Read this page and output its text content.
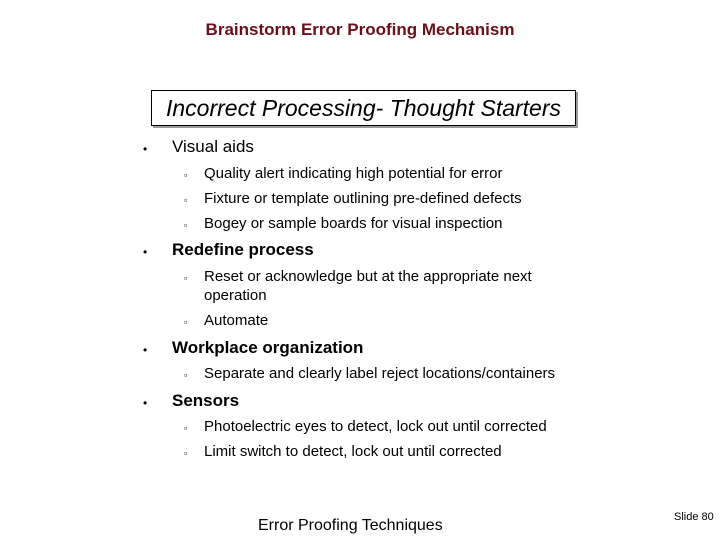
Brainstorm Error Proofing Mechanism
Incorrect Processing- Thought Starters
• Visual aids
▫ Quality alert indicating high potential for error
▫ Fixture or template outlining pre-defined defects
▫ Bogey or sample boards for visual inspection
• Redefine process
▫ Reset or acknowledge but at the appropriate next operation
▫ Automate
• Workplace organization
▫ Separate and clearly label reject locations/containers
• Sensors
▫ Photoelectric eyes to detect, lock out until corrected
▫ Limit switch to detect, lock out until corrected
Error Proofing Techniques	Slide 80
